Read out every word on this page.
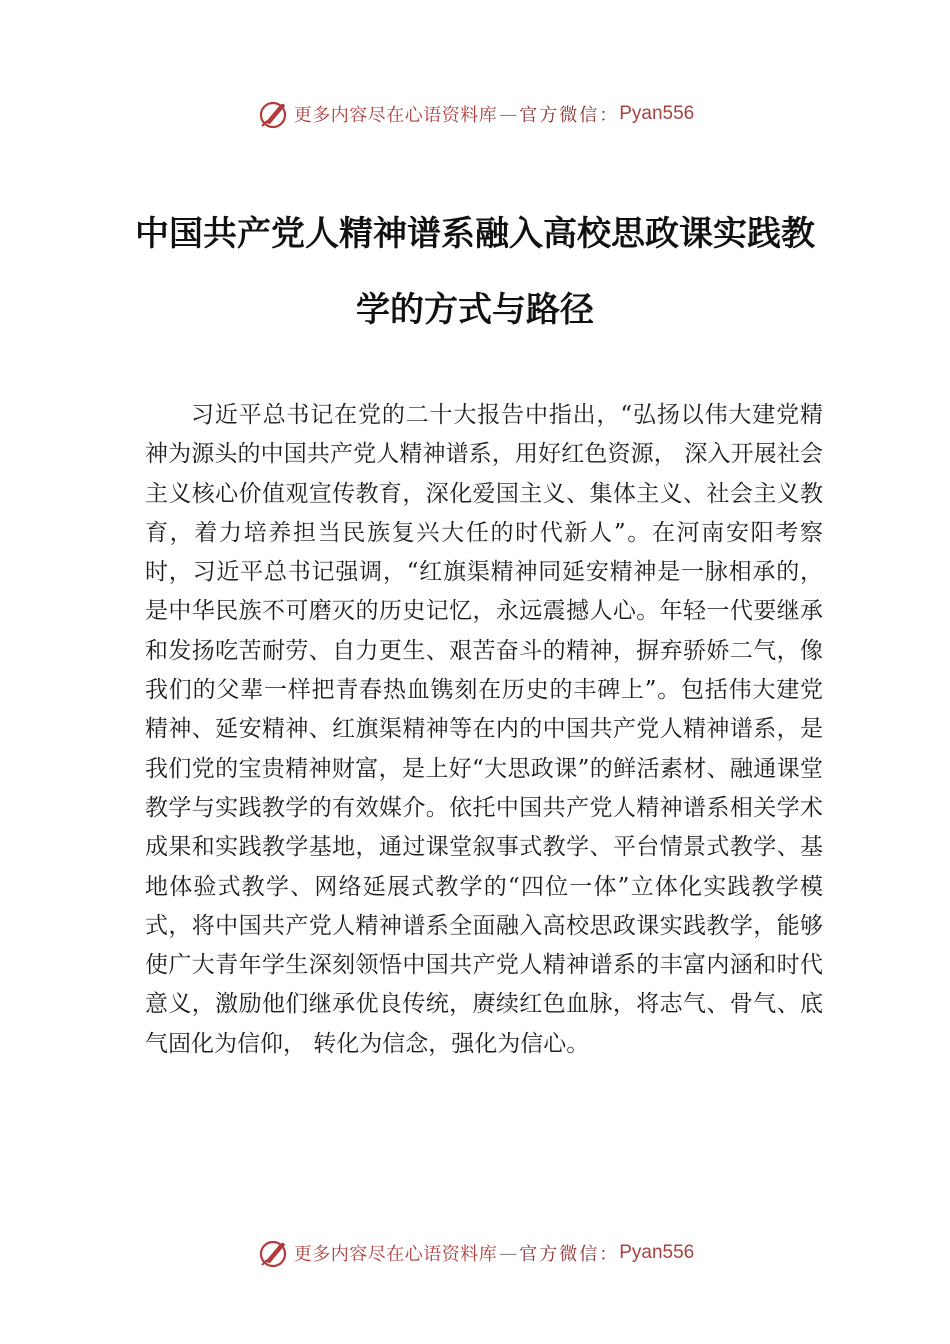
更多内容尽在心语资料库 — 官方微信： Pyan556
中国共产党人精神谱系融入高校思政课实践教学的方式与路径

习近平总书记在党的二十大报告中指出，“弘扬以伟大建党精神为源头的中国共产党人精神谱系，用好红色资源， 深入开展社会主义核心价值观宣传教育，深化爱国主义、集体主义、社会主义教育，着力培养担当民族复兴大任的时代新人”。在河南安阳考察时，习近平总书记强调，“红旗渠精神同延安精神是一脉相承的，是中华民族不可磨灭的历史记忆，永远震撼人心。年轻一代要继承和发扬吃苦耐劳、自力更生、艰苦奋斗的精神，摒弃骄娇二气，像我们的父辈一样把青春热血镌刻在历史的丰碑上”。包括伟大建党精神、延安精神、红旗渠精神等在内的中国共产党人精神谱系，是我们党的宝贵精神财富，是上好“大思政课”的鲜活素材、融通课堂教学与实践教学的有效媒介。依托中国共产党人精神谱系相关学术成果和实践教学基地，通过课堂叙事式教学、平台情景式教学、基地体验式教学、网络延展式教学的“四位一体”立体化实践教学模式，将中国共产党人精神谱系全面融入高校思政课实践教学，能够使广大青年学生深刻领悟中国共产党人精神谱系的丰富内涵和时代意义，激励他们继承优良传统，赓续红色血脉，将志气、骨气、底气固化为信仰， 转化为信念，强化为信心。

更多内容尽在心语资料库 — 官方微信： Pyan556
